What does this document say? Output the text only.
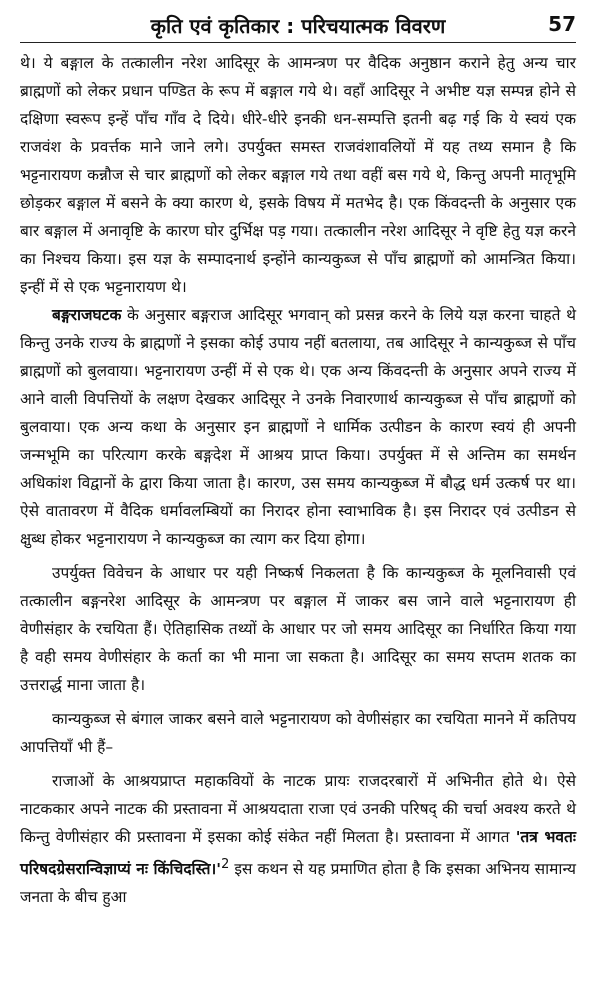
कृति एवं कृतिकार : परिचयात्मक विवरण	57

थे। ये बङ्गाल के तत्कालीन नरेश आदिसूर के आमन्त्रण पर वैदिक अनुष्ठान कराने हेतु अन्य चार ब्राह्मणों को लेकर प्रधान पण्डित के रूप में बङ्गाल गये थे। वहाँ आदिसूर ने अभीष्ट यज्ञ सम्पन्न होने से दक्षिणा स्वरूप इन्हें पाँच गाँव दे दिये। धीरे-धीरे इनकी धन-सम्पत्ति इतनी बढ़ गई कि ये स्वयं एक राजवंश के प्रवर्त्तक माने जाने लगे। उपर्युक्त समस्त राजवंशावलियों में यह तथ्य समान है कि भट्टनारायण कन्नौज से चार ब्राह्मणों को लेकर बङ्गाल गये तथा वहीं बस गये थे, किन्तु अपनी मातृभूमि छोड़कर बङ्गाल में बसने के क्या कारण थे, इसके विषय में मतभेद है। एक किंवदन्ती के अनुसार एक बार बङ्गाल में अनावृष्टि के कारण घोर दुर्भिक्ष पड़ गया। तत्कालीन नरेश आदिसूर ने वृष्टि हेतु यज्ञ करने का निश्चय किया। इस यज्ञ के सम्पादनार्थ इन्होंने कान्यकुब्ज से पाँच ब्राह्मणों को आमन्त्रित किया। इन्हीं में से एक भट्टनारायण थे।

बङ्गराजघटक के अनुसार बङ्गराज आदिसूर भगवान् को प्रसन्न करने के लिये यज्ञ करना चाहते थे किन्तु उनके राज्य के ब्राह्मणों ने इसका कोई उपाय नहीं बतलाया, तब आदिसूर ने कान्यकुब्ज से पाँच ब्राह्मणों को बुलवाया। भट्टनारायण उन्हीं में से एक थे। एक अन्य किंवदन्ती के अनुसार अपने राज्य में आने वाली विपत्तियों के लक्षण देखकर आदिसूर ने उनके निवारणार्थ कान्यकुब्ज से पाँच ब्राह्मणों को बुलवाया। एक अन्य कथा के अनुसार इन ब्राह्मणों ने धार्मिक उत्पीडन के कारण स्वयं ही अपनी जन्मभूमि का परित्याग करके बङ्गदेश में आश्रय प्राप्त किया। उपर्युक्त में से अन्तिम का समर्थन अधिकांश विद्वानों के द्वारा किया जाता है। कारण, उस समय कान्यकुब्ज में बौद्ध धर्म उत्कर्ष पर था। ऐसे वातावरण में वैदिक धर्मावलम्बियों का निरादर होना स्वाभाविक है। इस निरादर एवं उत्पीडन से क्षुब्ध होकर भट्टनारायण ने कान्यकुब्ज का त्याग कर दिया होगा।

उपर्युक्त विवेचन के आधार पर यही निष्कर्ष निकलता है कि कान्यकुब्ज के मूलनिवासी एवं तत्कालीन बङ्गनरेश आदिसूर के आमन्त्रण पर बङ्गाल में जाकर बस जाने वाले भट्टनारायण ही वेणीसंहार के रचयिता हैं। ऐतिहासिक तथ्यों के आधार पर जो समय आदिसूर का निर्धारित किया गया है वही समय वेणीसंहार के कर्ता का भी माना जा सकता है। आदिसूर का समय सप्तम शतक का उत्तरार्द्ध माना जाता है।

कान्यकुब्ज से बंगाल जाकर बसने वाले भट्टनारायण को वेणीसंहार का रचयिता मानने में कतिपय आपत्तियाँ भी हैं–

राजाओं के आश्रयप्राप्त महाकवियों के नाटक प्रायः राजदरबारों में अभिनीत होते थे। ऐसे नाटककार अपने नाटक की प्रस्तावना में आश्रयदाता राजा एवं उनकी परिषद् की चर्चा अवश्य करते थे किन्तु वेणीसंहार की प्रस्तावना में इसका कोई संकेत नहीं मिलता है। प्रस्तावना में आगत 'तत्र भवतः परिषदग्रेसरान्विज्ञाप्यं नः $किंचिदस्ति।'^2$ इस कथन से यह प्रमाणित होता है कि इसका अभिनय सामान्य जनता के बीच हुआ
